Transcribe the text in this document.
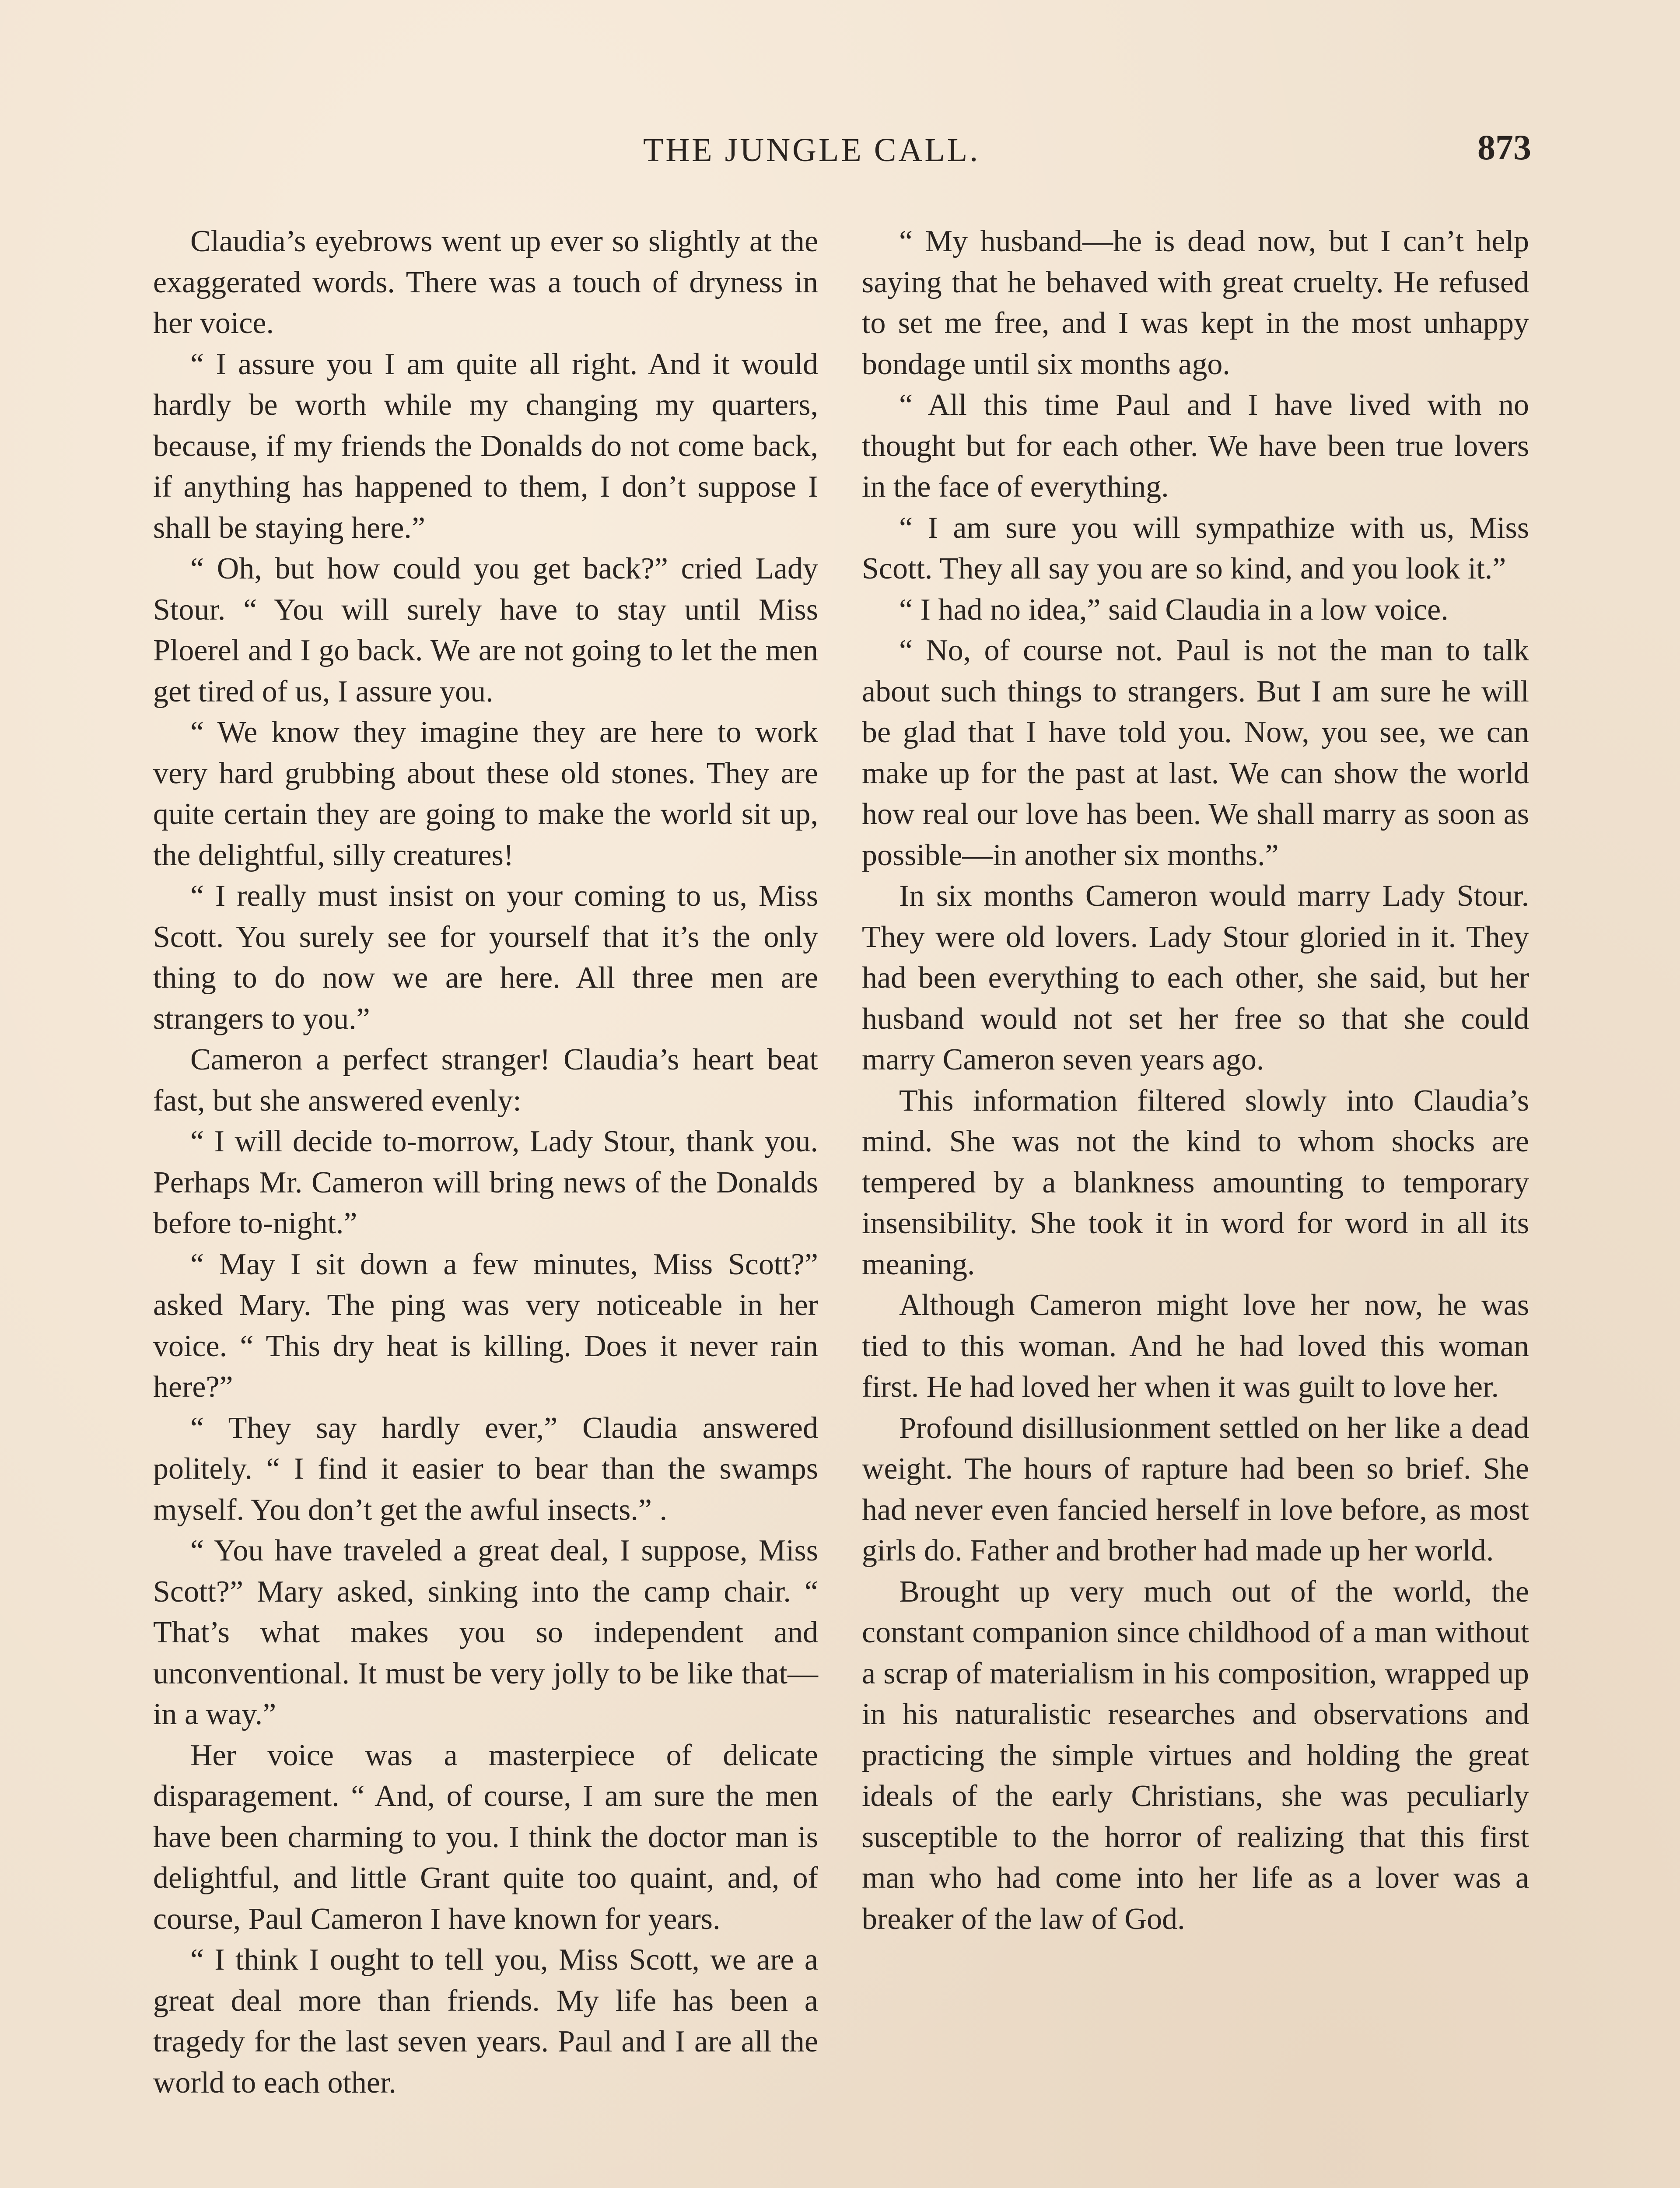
THE JUNGLE CALL.	873

Claudia’s eyebrows went up ever so slightly at the exaggerated words. There was a touch of dryness in her voice.

“ I assure you I am quite all right. And it would hardly be worth while my changing my quarters, because, if my friends the Donalds do not come back, if anything has happened to them, I don’t suppose I shall be staying here.”

“ Oh, but how could you get back?” cried Lady Stour. “ You will surely have to stay until Miss Ploerel and I go back. We are not going to let the men get tired of us, I assure you.

“ We know they imagine they are here to work very hard grubbing about these old stones. They are quite certain they are going to make the world sit up, the delightful, silly creatures!

“ I really must insist on your coming to us, Miss Scott. You surely see for yourself that it’s the only thing to do now we are here. All three men are strangers to you.”

Cameron a perfect stranger! Claudia’s heart beat fast, but she answered evenly:

“ I will decide to-morrow, Lady Stour, thank you. Perhaps Mr. Cameron will bring news of the Donalds before to-night.”

“ May I sit down a few minutes, Miss Scott?” asked Mary. The ping was very noticeable in her voice. “ This dry heat is killing. Does it never rain here?”

“ They say hardly ever,” Claudia answered politely. “ I find it easier to bear than the swamps myself. You don’t get the awful insects.” .

“ You have traveled a great deal, I suppose, Miss Scott?” Mary asked, sinking into the camp chair. “ That’s what makes you so independent and unconventional. It must be very jolly to be like that—in a way.”

Her voice was a masterpiece of delicate disparagement. “ And, of course, I am sure the men have been charming to you. I think the doctor man is delightful, and little Grant quite too quaint, and, of course, Paul Cameron I have known for years.

“ I think I ought to tell you, Miss Scott, we are a great deal more than friends. My life has been a tragedy for the last seven years. Paul and I are all the world to each other.

“ My husband—he is dead now, but I can’t help saying that he behaved with great cruelty. He refused to set me free, and I was kept in the most unhappy bondage until six months ago.

“ All this time Paul and I have lived with no thought but for each other. We have been true lovers in the face of everything.

“ I am sure you will sympathize with us, Miss Scott. They all say you are so kind, and you look it.”

“ I had no idea,” said Claudia in a low voice.

“ No, of course not. Paul is not the man to talk about such things to strangers. But I am sure he will be glad that I have told you. Now, you see, we can make up for the past at last. We can show the world how real our love has been. We shall marry as soon as possible—in another six months.”

In six months Cameron would marry Lady Stour. They were old lovers. Lady Stour gloried in it. They had been everything to each other, she said, but her husband would not set her free so that she could marry Cameron seven years ago.

This information filtered slowly into Claudia’s mind. She was not the kind to whom shocks are tempered by a blankness amounting to temporary insensibility. She took it in word for word in all its meaning.

Although Cameron might love her now, he was tied to this woman. And he had loved this woman first. He had loved her when it was guilt to love her.

Profound disillusionment settled on her like a dead weight. The hours of rapture had been so brief. She had never even fancied herself in love before, as most girls do. Father and brother had made up her world.

Brought up very much out of the world, the constant companion since childhood of a man without a scrap of materialism in his composition, wrapped up in his naturalistic researches and observations and practicing the simple virtues and holding the great ideals of the early Christians, she was peculiarly susceptible to the horror of realizing that this first man who had come into her life as a lover was a breaker of the law of God.
